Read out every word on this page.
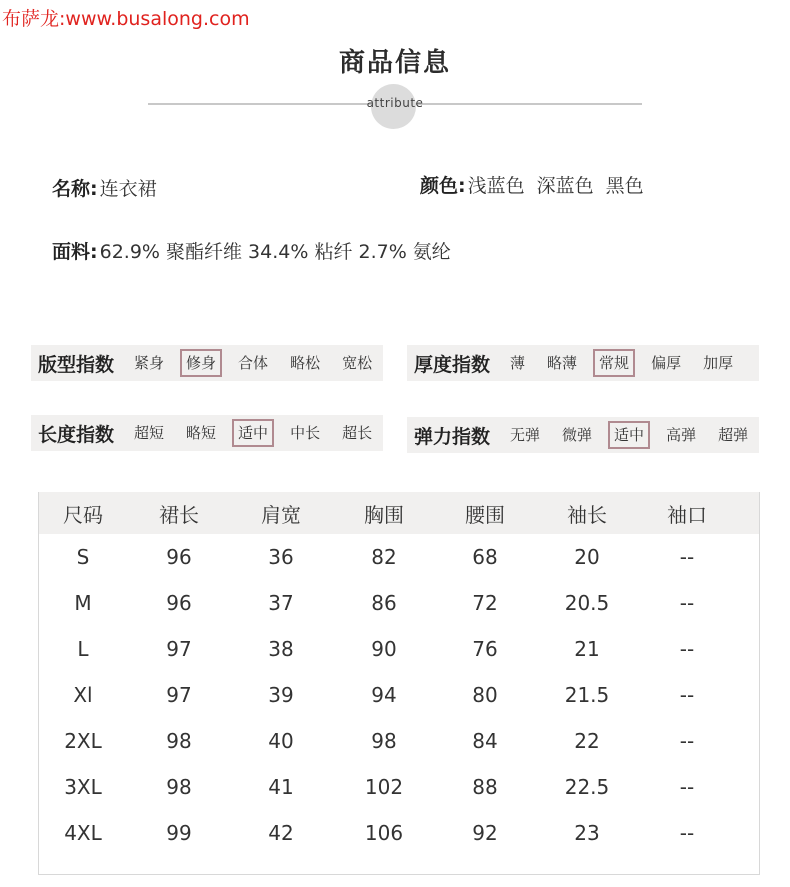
布萨龙:www.busalong.com
商品信息
attribute
名称: 连衣裙	颜色: 浅蓝色 深蓝色 黑色
面料: 62.9% 聚酯纤维 34.4% 粘纤 2.7% 氨纶
版型指数	紧身	修身	合体	略松	宽松	厚度指数	薄	略薄	常规	偏厚	加厚
长度指数	超短	略短	适中	中长	超长	弹力指数	无弹	微弹	适中	高弹	超弹
尺码	裙长	肩宽	胸围	腰围	袖长	袖口
S	96	36	82	68	20	--
M	96	37	86	72	20.5	--
L	97	38	90	76	21	--
Xl	97	39	94	80	21.5	--
2XL	98	40	98	84	22	--
3XL	98	41	102	88	22.5	--
4XL	99	42	106	92	23	--
